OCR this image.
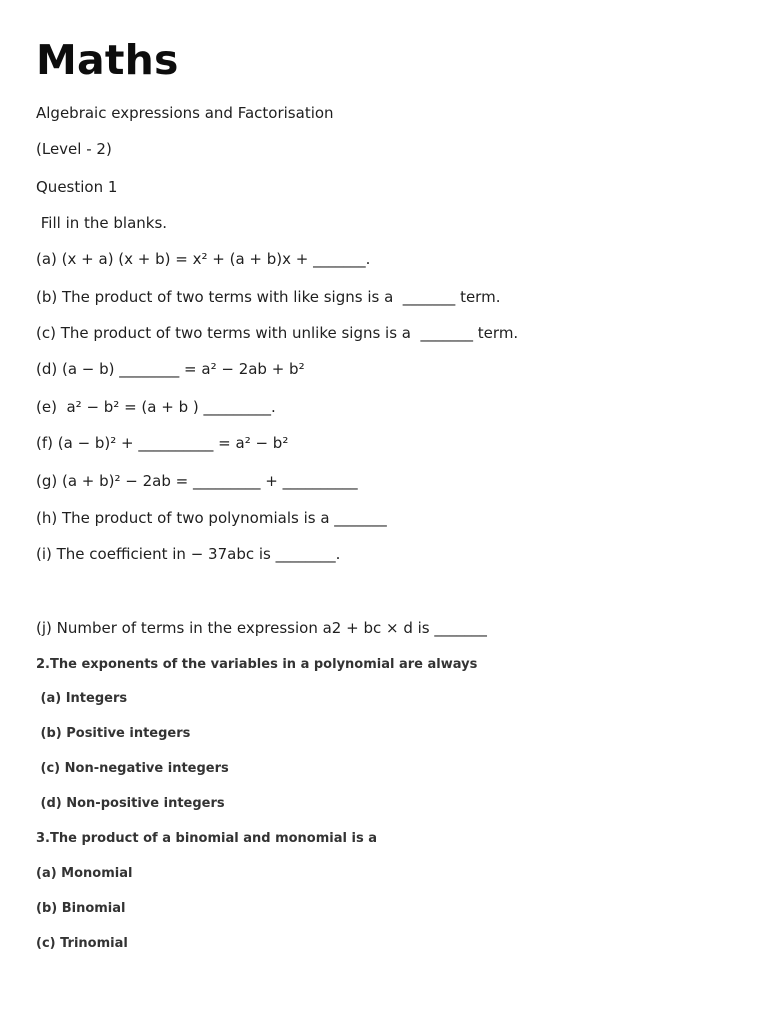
Maths

Algebraic expressions and Factorisation

(Level - 2)

Question 1

Fill in the blanks.

(a) (x + a) (x + b) = x² + (a + b)x + _______.

(b) The product of two terms with like signs is a  _______ term.

(c) The product of two terms with unlike signs is a  _______ term.

(d) (a − b) ________ = a² − 2ab + b²

(e)  a² − b² = (a + b ) _________.

(f) (a − b)² + __________ = a² − b²

(g) (a + b)² − 2ab = _________ + __________

(h) The product of two polynomials is a _______

(i) The coefficient in − 37abc is ________.

(j) Number of terms in the expression a2 + bc × d is _______

2.The exponents of the variables in a polynomial are always

(a) Integers

(b) Positive integers

(c) Non-negative integers

(d) Non-positive integers

3.The product of a binomial and monomial is a

(a) Monomial

(b) Binomial

(c) Trinomial
